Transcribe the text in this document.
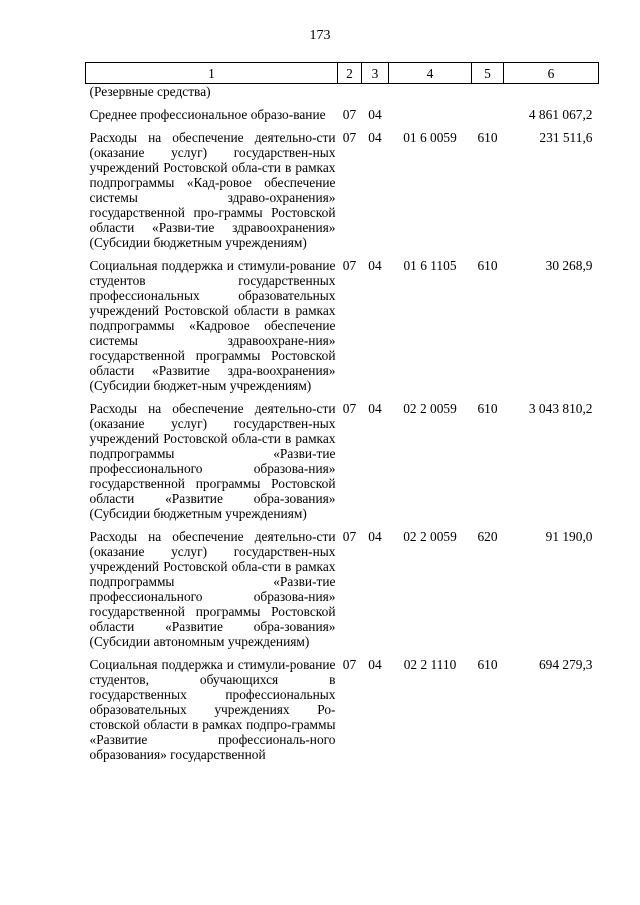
173
1	2	3	4	5	6
(Резервные средства)					
Среднее профессиональное образо-вание	07	04			4 861 067,2
Расходы на обеспечение деятельно-сти (оказание услуг) государствен-ных учреждений Ростовской обла-сти в рамках подпрограммы «Кад-ровое обеспечение системы здраво-охранения» государственной про-граммы Ростовской области «Разви-тие здравоохранения» (Субсидии бюджетным учреждениям)	07	04	01 6 0059	610	231 511,6
Социальная поддержка и стимули-рование студентов государственных профессиональных образовательных учреждений Ростовской области в рамках подпрограммы «Кадровое обеспечение системы здравоохране-ния» государственной программы Ростовской области «Развитие здра-воохранения» (Субсидии бюджет-ным учреждениям)	07	04	01 6 1105	610	30 268,9
Расходы на обеспечение деятельно-сти (оказание услуг) государствен-ных учреждений Ростовской обла-сти в рамках подпрограммы «Разви-тие профессионального образова-ния» государственной программы Ростовской области «Развитие обра-зования» (Субсидии бюджетным учреждениям)	07	04	02 2 0059	610	3 043 810,2
Расходы на обеспечение деятельно-сти (оказание услуг) государствен-ных учреждений Ростовской обла-сти в рамках подпрограммы «Разви-тие профессионального образова-ния» государственной программы Ростовской области «Развитие обра-зования» (Субсидии автономным учреждениям)	07	04	02 2 0059	620	91 190,0
Социальная поддержка и стимули-рование студентов, обучающихся в государственных профессиональных образовательных учреждениях Ро-стовской области в рамках подпро-граммы «Развитие профессиональ-ного образования» государственной	07	04	02 2 1110	610	694 279,3
